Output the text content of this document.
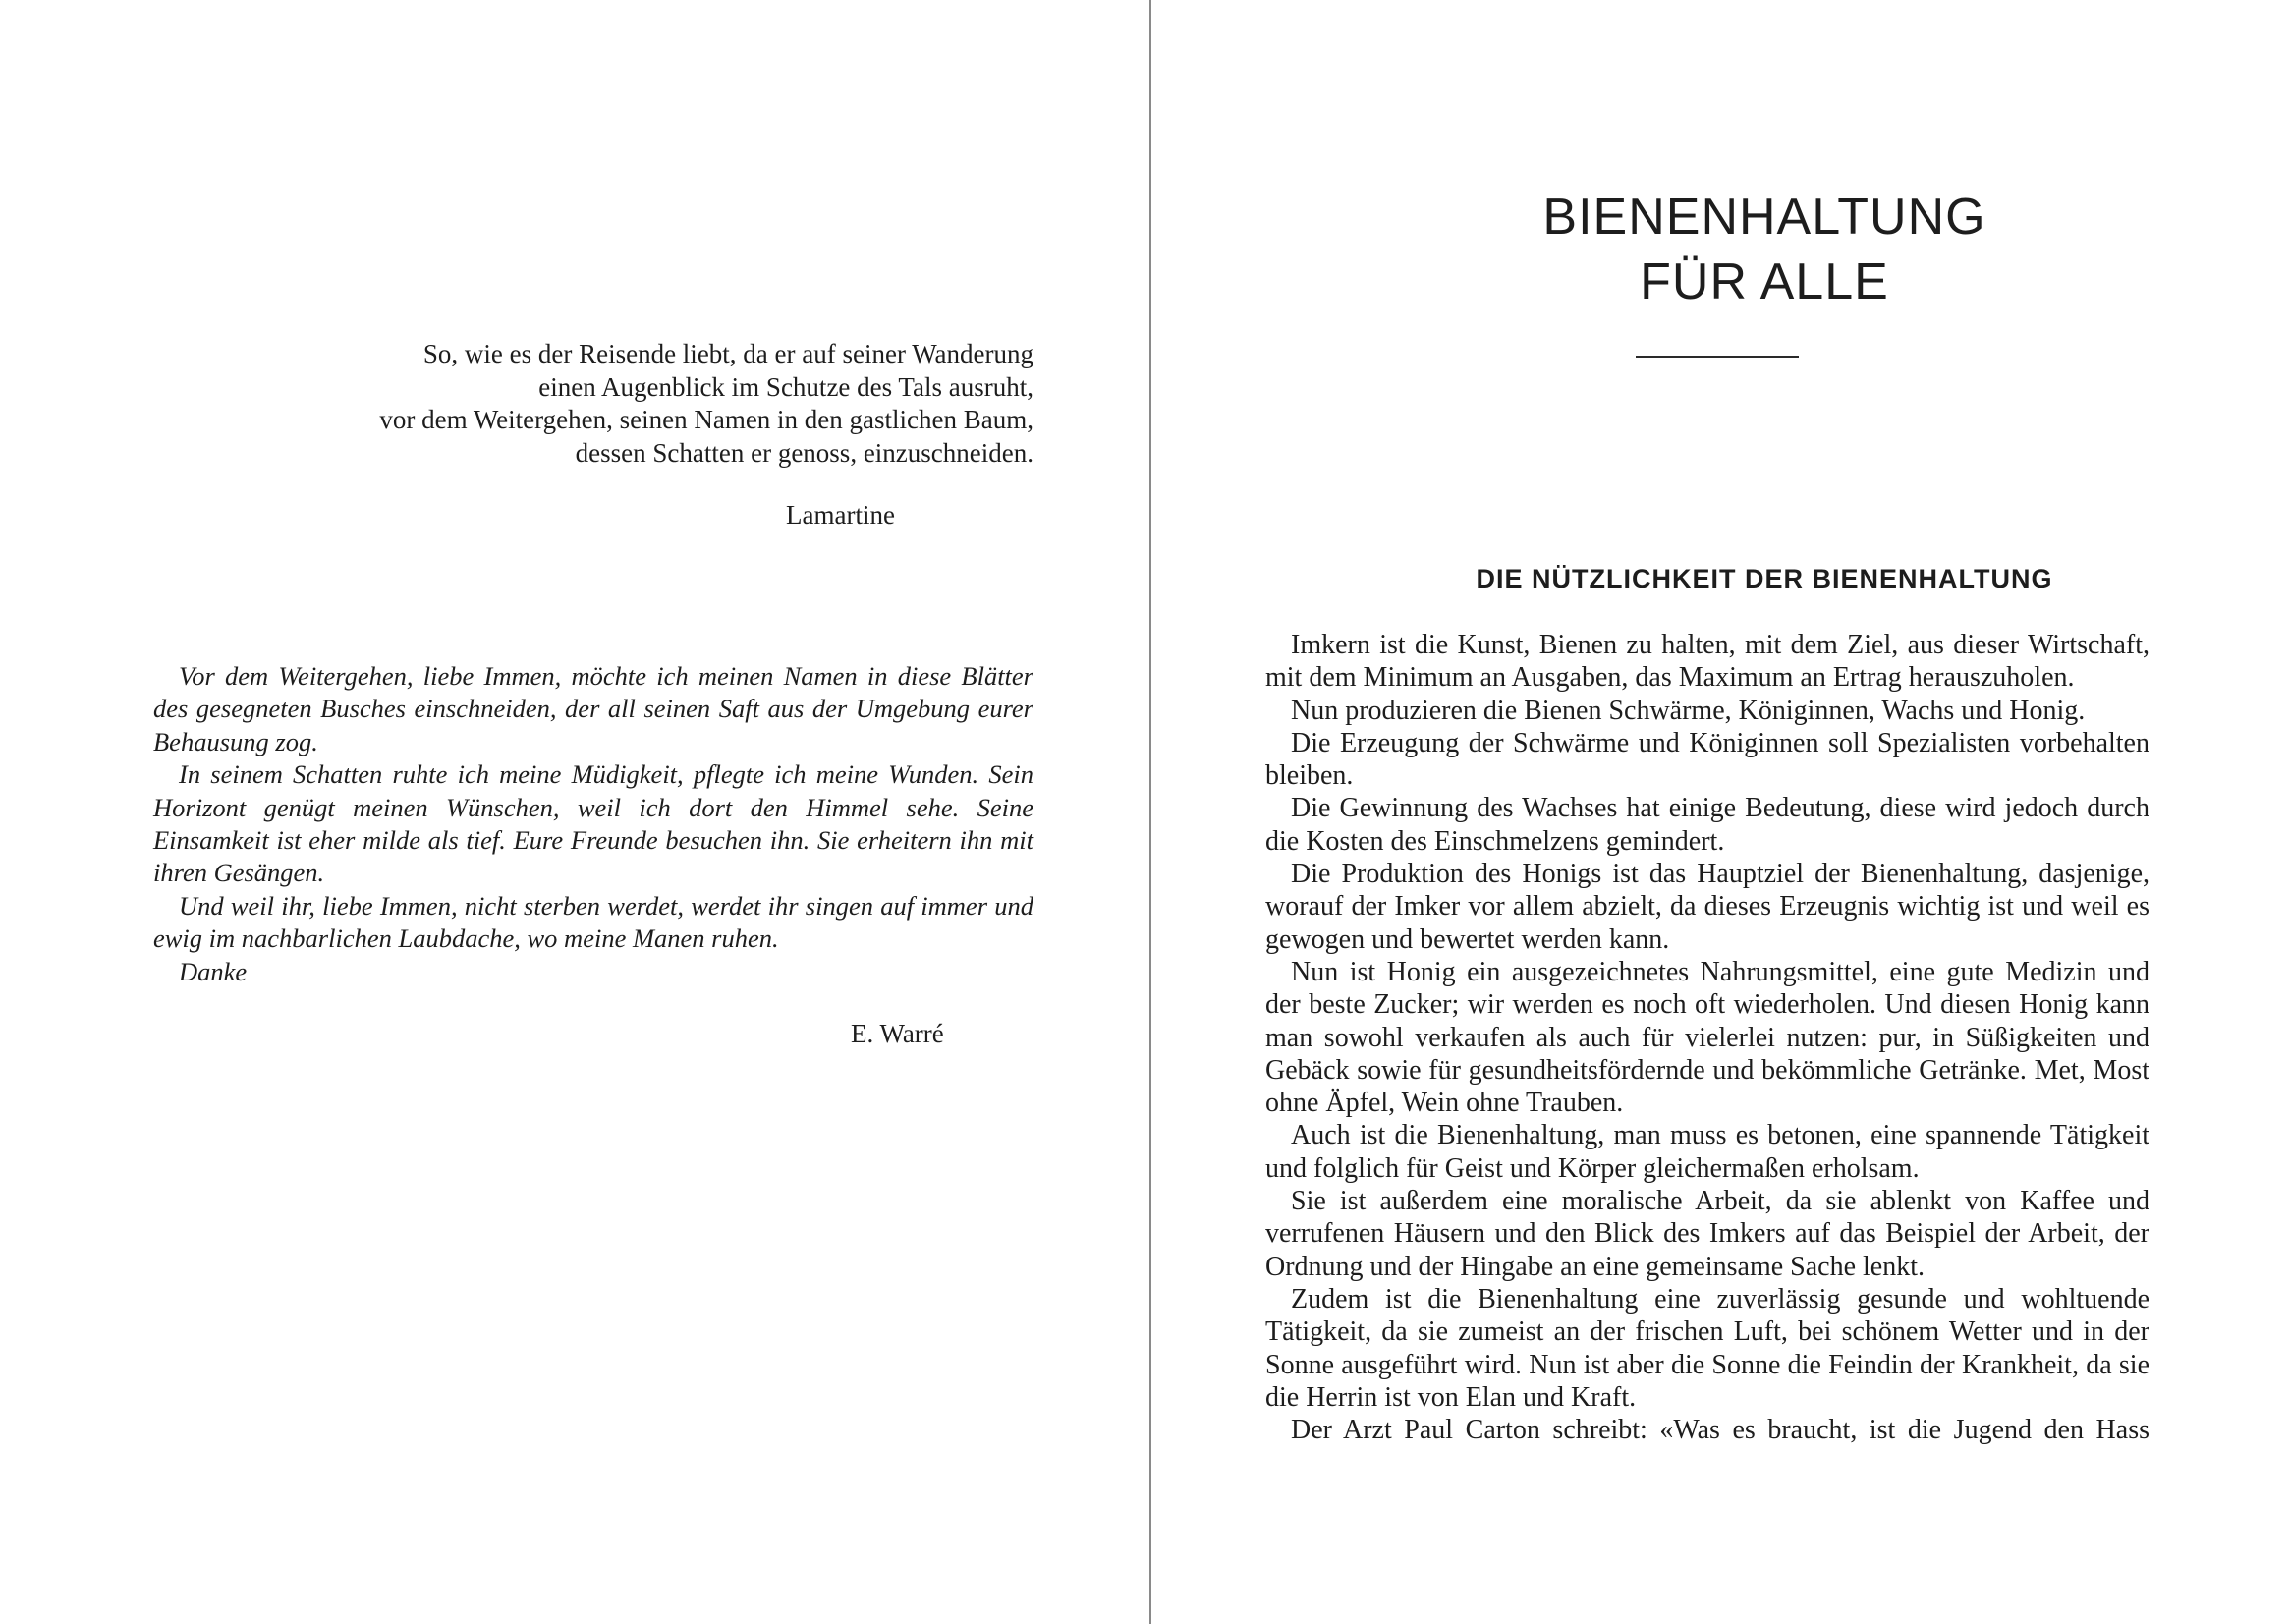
So, wie es der Reisende liebt, da er auf seiner Wanderung
einen Augenblick im Schutze des Tals ausruht,
vor dem Weitergehen, seinen Namen in den gastlichen Baum,
dessen Schatten er genoss, einzuschneiden.
Lamartine

Vor dem Weitergehen, liebe Immen, möchte ich meinen Namen in diese Blätter des gesegneten Busches einschneiden, der all seinen Saft aus der Umgebung eurer Behausung zog.

In seinem Schatten ruhte ich meine Müdigkeit, pflegte ich meine Wunden. Sein Horizont genügt meinen Wünschen, weil ich dort den Himmel sehe. Seine Einsamkeit ist eher milde als tief. Eure Freunde besuchen ihn. Sie erheitern ihn mit ihren Gesängen.

Und weil ihr, liebe Immen, nicht sterben werdet, werdet ihr singen auf immer und ewig im nachbarlichen Laubdache, wo meine Manen ruhen.

Danke

E. Warré
BIENENHALTUNG
FÜR ALLE
DIE NÜTZLICHKEIT DER BIENENHALTUNG

Imkern ist die Kunst, Bienen zu halten, mit dem Ziel, aus dieser Wirtschaft, mit dem Minimum an Ausgaben, das Maximum an Ertrag herauszuholen.

Nun produzieren die Bienen Schwärme, Königinnen, Wachs und Honig.

Die Erzeugung der Schwärme und Königinnen soll Spezialisten vorbehalten bleiben.

Die Gewinnung des Wachses hat einige Bedeutung, diese wird jedoch durch die Kosten des Einschmelzens gemindert.

Die Produktion des Honigs ist das Hauptziel der Bienenhaltung, dasjenige, worauf der Imker vor allem abzielt, da dieses Erzeugnis wichtig ist und weil es gewogen und bewertet werden kann.

Nun ist Honig ein ausgezeichnetes Nahrungsmittel, eine gute Medizin und der beste Zucker; wir werden es noch oft wiederholen. Und diesen Honig kann man sowohl verkaufen als auch für vielerlei nutzen: pur, in Süßigkeiten und Gebäck sowie für gesundheitsfördernde und bekömmliche Getränke. Met, Most ohne Äpfel, Wein ohne Trauben.

Auch ist die Bienenhaltung, man muss es betonen, eine spannende Tätigkeit und folglich für Geist und Körper gleichermaßen erholsam.

Sie ist außerdem eine moralische Arbeit, da sie ablenkt von Kaffee und verrufenen Häusern und den Blick des Imkers auf das Beispiel der Arbeit, der Ordnung und der Hingabe an eine gemeinsame Sache lenkt.

Zudem ist die Bienenhaltung eine zuverlässig gesunde und wohltuende Tätigkeit, da sie zumeist an der frischen Luft, bei schönem Wetter und in der Sonne ausgeführt wird. Nun ist aber die Sonne die Feindin der Krankheit, da sie die Herrin ist von Elan und Kraft.

Der Arzt Paul Carton schreibt: «Was es braucht, ist die Jugend den Hass
